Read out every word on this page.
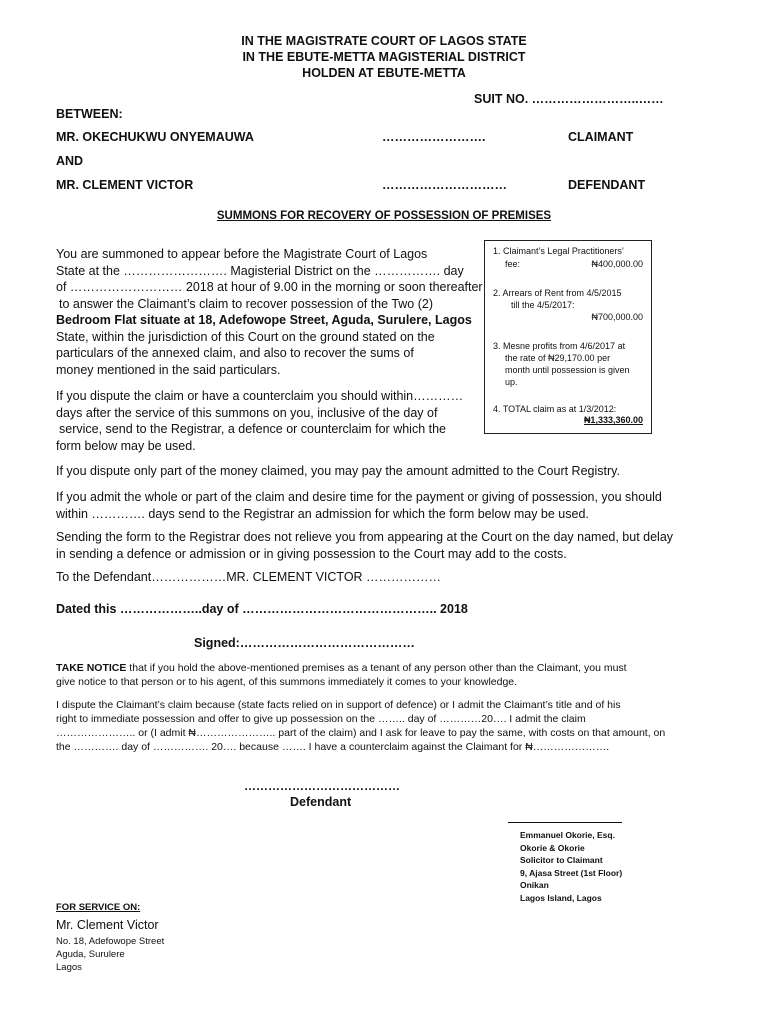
IN THE MAGISTRATE COURT OF LAGOS STATE
IN THE EBUTE-METTA MAGISTERIAL DISTRICT
HOLDEN AT EBUTE-METTA
SUIT NO. ……………………..……
BETWEEN:
MR. OKECHUKWU ONYEMAUWA	…………………….	CLAIMANT
AND
MR. CLEMENT VICTOR	…………………………	DEFENDANT
SUMMONS FOR RECOVERY OF POSSESSION OF PREMISES
You are summoned to appear before the Magistrate Court of Lagos
State at the ……………………. Magisterial District on the ……………. day
of ……………………… 2018 at hour of 9.00 in the morning or soon thereafter
to answer the Claimant’s claim to recover possession of the Two (2)
Bedroom Flat situate at 18, Adefowope Street, Aguda, Surulere, Lagos
State, within the jurisdiction of this Court on the ground stated on the
particulars of the annexed claim, and also to recover the sums of
money mentioned in the said particulars.
1. Claimant’s Legal Practitioners’
fee:	₦400,000.00
2. Arrears of Rent from 4/5/2015
till the 4/5/2017:
₦700,000.00
3. Mesne profits from 4/6/2017 at
the rate of ₦29,170.00 per
month until possession is given
up.
4. TOTAL claim as at 1/3/2012:
₦1,333,360.00
If you dispute the claim or have a counterclaim you should within…………
days after the service of this summons on you, inclusive of the day of
service, send to the Registrar, a defence or counterclaim for which the
form below may be used.
If you dispute only part of the money claimed, you may pay the amount admitted to the Court Registry.
If you admit the whole or part of the claim and desire time for the payment or giving of possession, you should
within …………. days send to the Registrar an admission for which the form below may be used.
Sending the form to the Registrar does not relieve you from appearing at the Court on the day named, but delay
in sending a defence or admission or in giving possession to the Court may add to the costs.
To the Defendant………………MR. CLEMENT VICTOR ………………
Dated this ………………..day of ……………………………………….. 2018
Signed:……………………………………
TAKE NOTICE that if you hold the above-mentioned premises as a tenant of any person other than the Claimant, you must
give notice to that person or to his agent, of this summons immediately it comes to your knowledge.
I dispute the Claimant’s claim because (state facts relied on in support of defence) or I admit the Claimant’s title and of his
right to immediate possession and offer to give up possession on the …….. day of …………20…. I admit the claim
………………….. or (I admit ₦………………….. part of the claim) and I ask for leave to pay the same, with costs on that amount, on
the …………. day of ……………. 20…. because ……. I have a counterclaim against the Claimant for ₦………………….
…………………………………
Defendant
Emmanuel Okorie, Esq.
Okorie & Okorie
Solicitor to Claimant
9, Ajasa Street (1st Floor)
Onikan
Lagos Island, Lagos
FOR SERVICE ON:
Mr. Clement Victor
No. 18, Adefowope Street
Aguda, Surulere
Lagos
